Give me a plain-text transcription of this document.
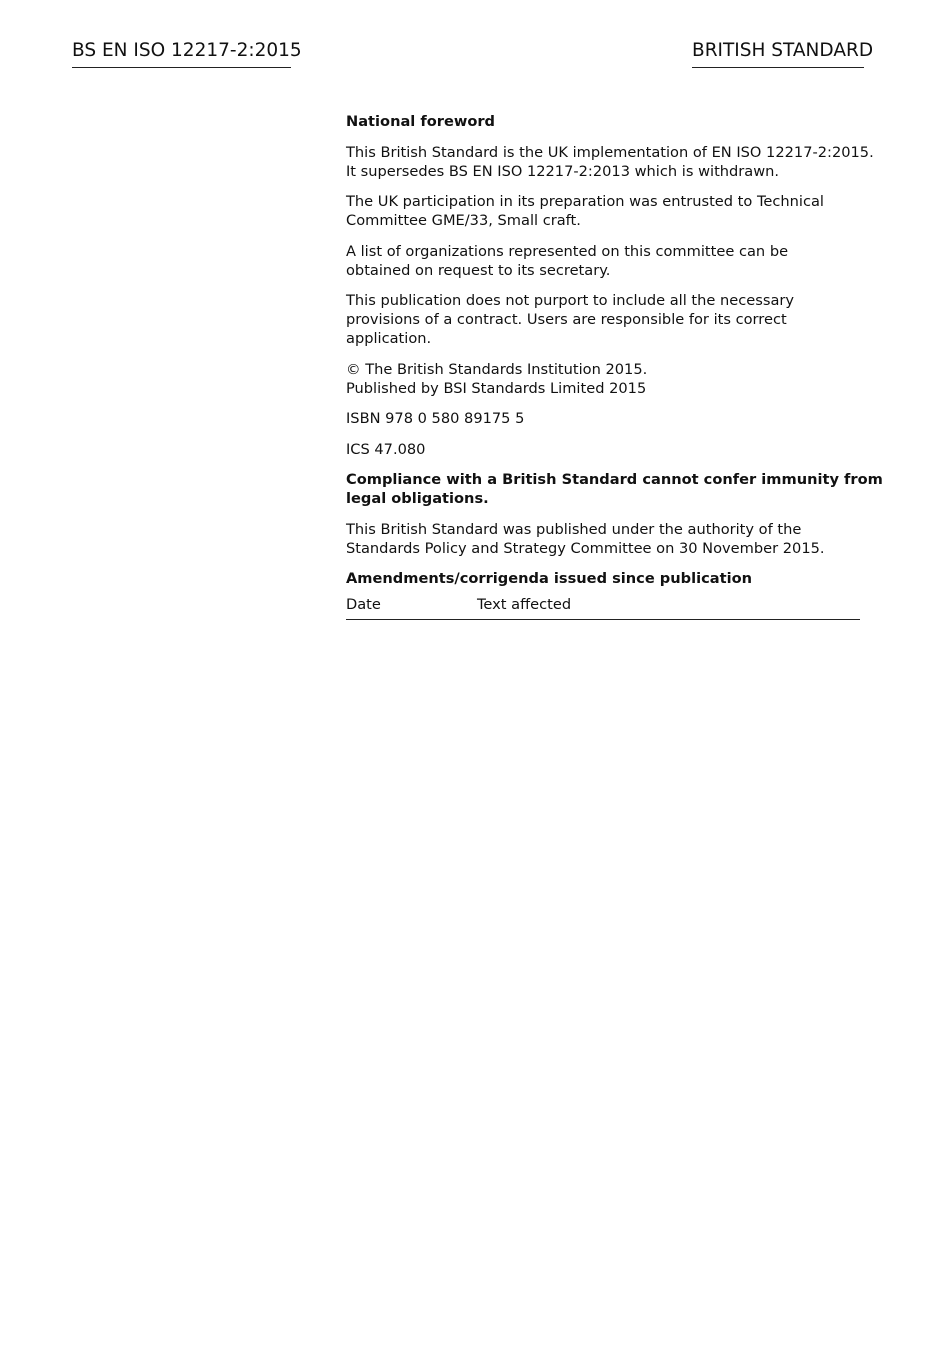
BS EN ISO 12217-2:2015	BRITISH STANDARD

National foreword

This British Standard is the UK implementation of EN ISO 12217-2:2015.
It supersedes BS EN ISO 12217-2:2013 which is withdrawn.

The UK participation in its preparation was entrusted to Technical
Committee GME/33, Small craft.

A list of organizations represented on this committee can be
obtained on request to its secretary.

This publication does not purport to include all the necessary
provisions of a contract. Users are responsible for its correct
application.

© The British Standards Institution 2015.
Published by BSI Standards Limited 2015

ISBN 978 0 580 89175 5

ICS 47.080

Compliance with a British Standard cannot confer immunity from
legal obligations.

This British Standard was published under the authority of the
Standards Policy and Strategy Committee on 30 November 2015.

Amendments/corrigenda issued since publication
Date	Text affected
